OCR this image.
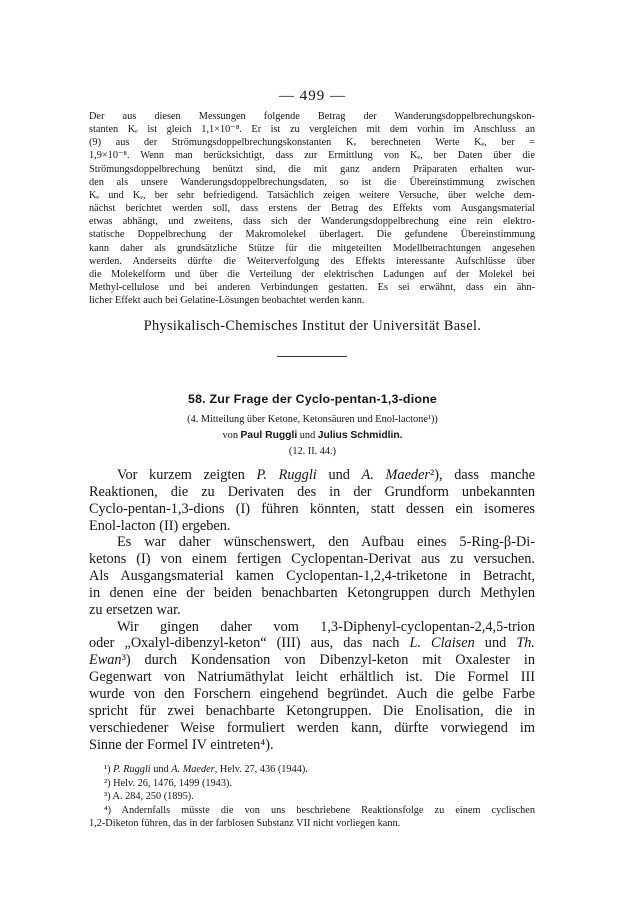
— 499 —
Der aus diesen Messungen folgende Betrag der Wanderungsdoppelbrechungskon-
stanten Kₑ ist gleich 1,1×10⁻⁸. Er ist zu vergleichen mit dem vorhin im Anschluss an
(9) aus der Strömungsdoppelbrechungskonstanten Kᵥ berechneten Werte Kₑ, ber =
1,9×10⁻⁸. Wenn man berücksichtigt, dass zur Ermittlung von Kₑ, ber Daten über die
Strömungsdoppelbrechung benützt sind, die mit ganz andern Präparaten erhalten wur-
den als unsere Wanderungsdoppelbrechungsdaten, so ist die Übereinstimmung zwischen
Kₑ und Kₑ, ber sehr befriedigend. Tatsächlich zeigen weitere Versuche, über welche dem-
nächst berichtet werden soll, dass erstens der Betrag des Effekts vom Ausgangsmaterial
etwas abhängt, und zweitens, dass sich der Wanderungsdoppelbrechung eine rein elektro-
statische Doppelbrechung der Makromolekel überlagert. Die gefundene Übereinstimmung
kann daher als grundsätzliche Stütze für die mitgeteilten Modellbetrachtungen angesehen
werden. Anderseits dürfte die Weiterverfolgung des Effekts interessante Aufschlüsse über
die Molekelform und über die Verteilung der elektrischen Ladungen auf der Molekel bei
Methyl-cellulose und bei anderen Verbindungen gestatten. Es sei erwähnt, dass ein ähn-
licher Effekt auch bei Gelatine-Lösungen beobachtet werden kann.
Physikalisch-Chemisches Institut der Universität Basel.
58. Zur Frage der Cyclo-pentan-1,3-dione
(4. Mitteilung über Ketone, Ketonsäuren und Enol-lactone¹))
von Paul Ruggli und Julius Schmidlin.
(12. II. 44.)
Vor kurzem zeigten P. Ruggli und A. Maeder²), dass manche
Reaktionen, die zu Derivaten des in der Grundform unbekannten
Cyclo-pentan-1,3-dions (I) führen könnten, statt dessen ein isomeres
Enol-lacton (II) ergeben.
Es war daher wünschenswert, den Aufbau eines 5-Ring-β-Di-
ketons (I) von einem fertigen Cyclopentan-Derivat aus zu versuchen.
Als Ausgangsmaterial kamen Cyclopentan-1,2,4-triketone in Betracht,
in denen eine der beiden benachbarten Ketongruppen durch Methylen
zu ersetzen war.
Wir gingen daher vom 1,3-Diphenyl-cyclopentan-2,4,5-trion
oder „Oxalyl-dibenzyl-keton“ (III) aus, das nach L. Claisen und Th.
Ewan³) durch Kondensation von Dibenzyl-keton mit Oxalester in
Gegenwart von Natriumäthylat leicht erhältlich ist. Die Formel III
wurde von den Forschern eingehend begründet. Auch die gelbe Farbe
spricht für zwei benachbarte Ketongruppen. Die Enolisation, die in
verschiedener Weise formuliert werden kann, dürfte vorwiegend im
Sinne der Formel IV eintreten⁴).
¹) P. Ruggli und A. Maeder, Helv. 27, 436 (1944).
²) Helv. 26, 1476, 1499 (1943).
³) A. 284, 250 (1895).
⁴) Andernfalls müsste die von uns beschriebene Reaktionsfolge zu einem cyclischen
1,2-Diketon führen, das in der farblosen Substanz VII nicht vorliegen kann.
